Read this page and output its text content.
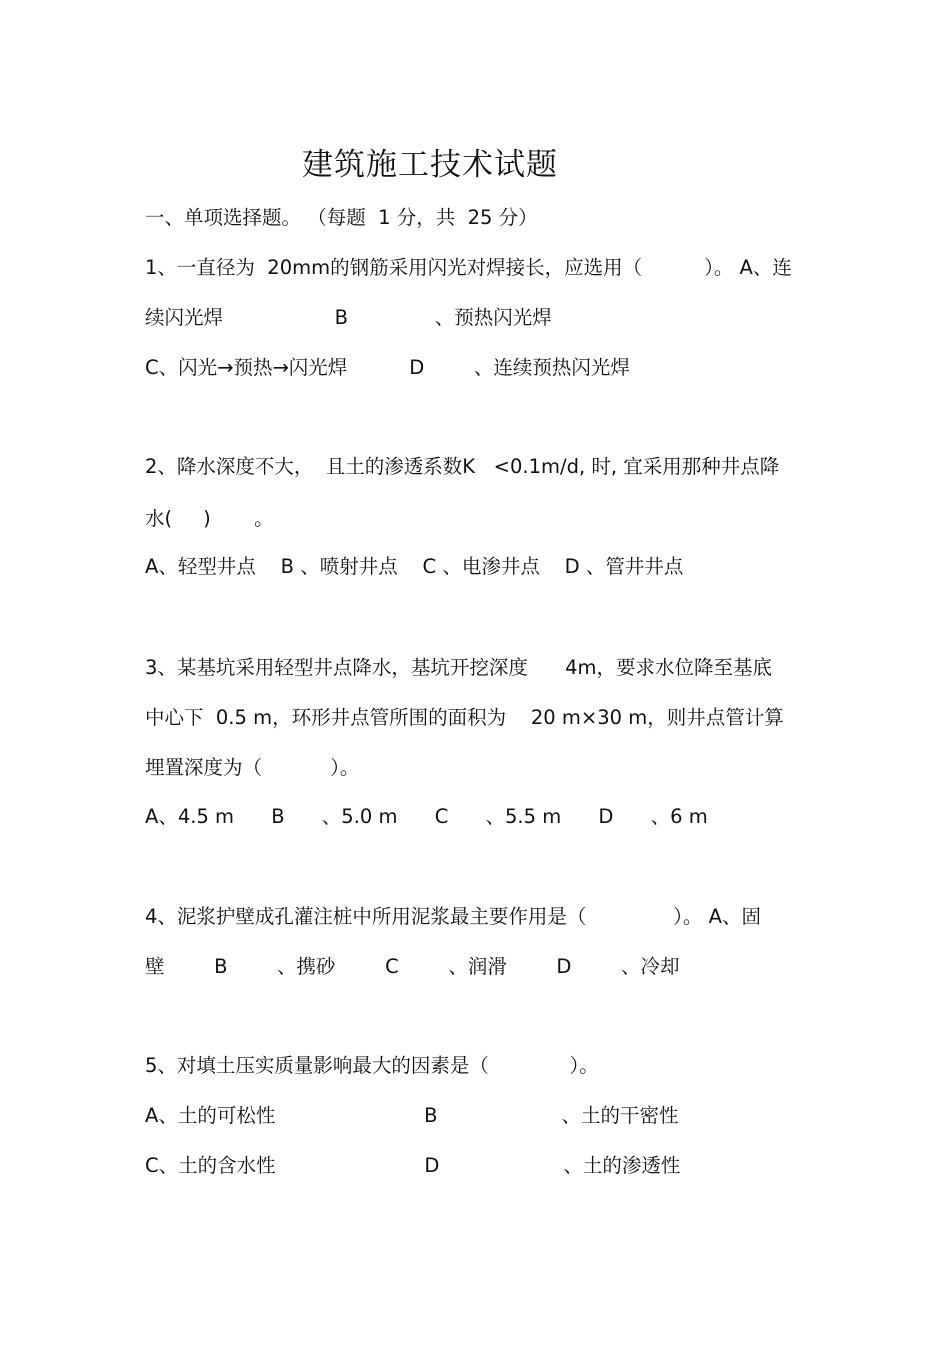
建筑施工技术试题
一、单项选择题。 （每题  1 分，共  25 分）
1、一直径为  20mm的钢筋采用闪光对焊接长，应选用（          ）。 A、连
续闪光焊                  B              、预热闪光焊
C、闪光→预热→闪光焊          D        、连续预热闪光焊
2、降水深度不大，  且土的渗透系数K   <0.1m/d, 时, 宜采用那种井点降
水(     )       。
A、轻型井点    B 、喷射井点    C 、电渗井点    D 、管井井点
3、某基坑采用轻型井点降水，基坑开挖深度      4m，要求水位降至基底
中心下  0.5 m，环形井点管所围的面积为    20 m×30 m，则井点管计算
埋置深度为（           ）。
A、4.5 m      B      、5.0 m      C      、5.5 m      D      、6 m
4、泥浆护壁成孔灌注桩中所用泥浆最主要作用是（              ）。 A、固
壁        B        、携砂        C        、润滑        D        、冷却
5、对填土压实质量影响最大的因素是（             ）。
A、土的可松性                        B                    、土的干密性
C、土的含水性                        D                    、土的渗透性
